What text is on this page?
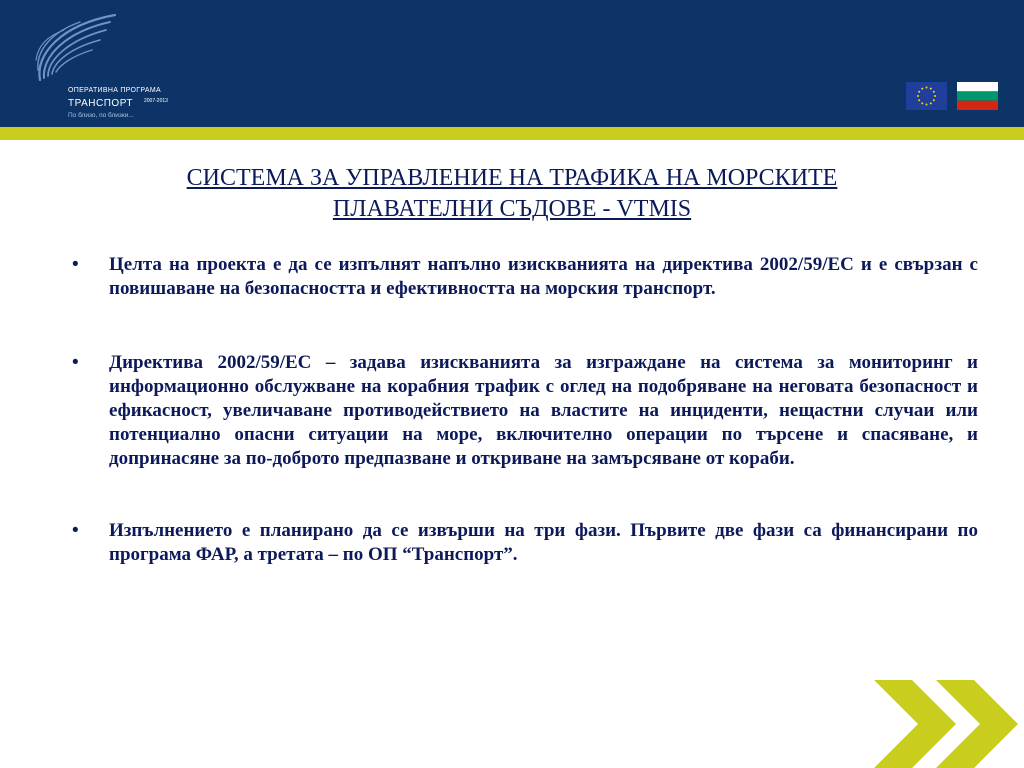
ОПЕРАТИВНА ПРОГРАМА
ТРАНСПОРТ 2007-2013
По близо, по близки...
СИСТЕМА ЗА УПРАВЛЕНИЕ НА ТРАФИКА НА МОРСКИТЕ
ПЛАВАТЕЛНИ СЪДОВЕ - VTMIS
• Целта на проекта е да се изпълнят напълно изискванията на директива 2002/59/ЕС и е свързан с повишаване на безопасността и ефективността на морския транспорт.
• Директива 2002/59/ЕС – задава изискванията за изграждане на система за мониторинг и информационно обслужване на корабния трафик с оглед на подобряване на неговата безопасност и ефикасност, увеличаване противодействието на властите на инциденти, нещастни случаи или потенциално опасни ситуации на море, включително операции по търсене и спасяване, и допринасяне за по-доброто предпазване и откриване на замърсяване от кораби.
• Изпълнението е планирано да се извърши на три фази. Първите две фази са финансирани по програма ФАР, а третата – по ОП “Транспорт”.
